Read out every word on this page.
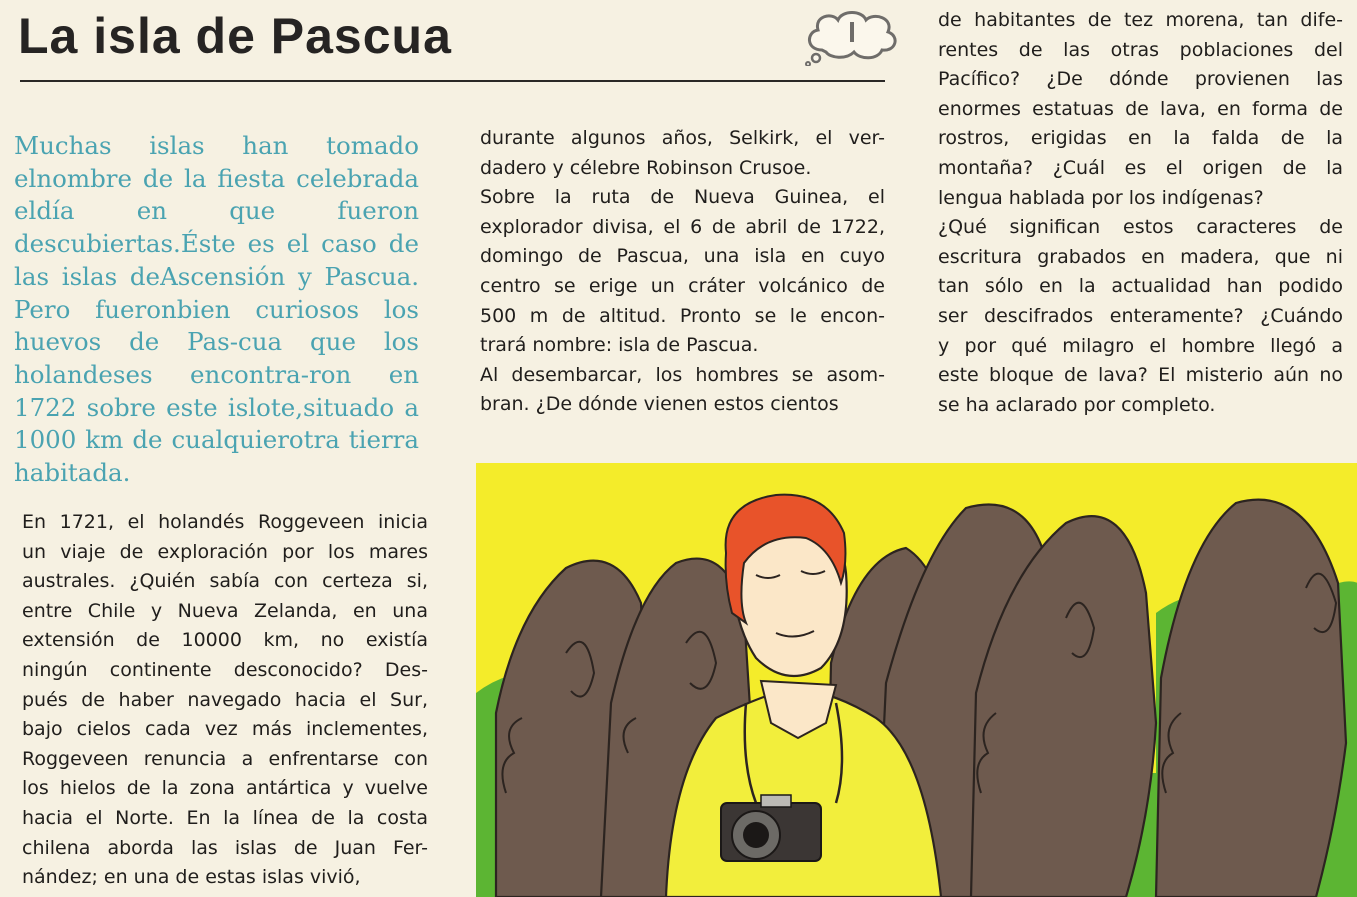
La isla de Pascua

Muchas islas han tomado elnombre de la fiesta celebrada eldía en que fueron descubiertas.Éste es el caso de las islas deAscensión y Pascua. Pero fueronbien curiosos los huevos de Pas-cua que los holandeses encontra-ron en 1722 sobre este islote,situado a 1000 km de cualquierotra tierra habitada.

En 1721, el holandés Roggeveen inicia
un viaje de exploración por los mares
australes. ¿Quién sabía con certeza si,
entre Chile y Nueva Zelanda, en una
extensión de 10000 km, no existía
ningún continente desconocido? Des-
pués de haber navegado hacia el Sur,
bajo cielos cada vez más inclementes,
Roggeveen renuncia a enfrentarse con
los hielos de la zona antártica y vuelve
hacia el Norte. En la línea de la costa
chilena aborda las islas de Juan Fer-
nández; en una de estas islas vivió,

durante algunos años, Selkirk, el ver-
dadero y célebre Robinson Crusoe.
Sobre la ruta de Nueva Guinea, el
explorador divisa, el 6 de abril de 1722,
domingo de Pascua, una isla en cuyo
centro se erige un cráter volcánico de
500 m de altitud. Pronto se le encon-
trará nombre: isla de Pascua.
Al desembarcar, los hombres se asom-
bran. ¿De dónde vienen estos cientos

de habitantes de tez morena, tan dife-
rentes de las otras poblaciones del
Pacífico? ¿De dónde provienen las
enormes estatuas de lava, en forma de
rostros, erigidas en la falda de la
montaña? ¿Cuál es el origen de la
lengua hablada por los indígenas?
¿Qué significan estos caracteres de
escritura grabados en madera, que ni
tan sólo en la actualidad han podido
ser descifrados enteramente? ¿Cuándo
y por qué milagro el hombre llegó a
este bloque de lava? El misterio aún no
se ha aclarado por completo.
